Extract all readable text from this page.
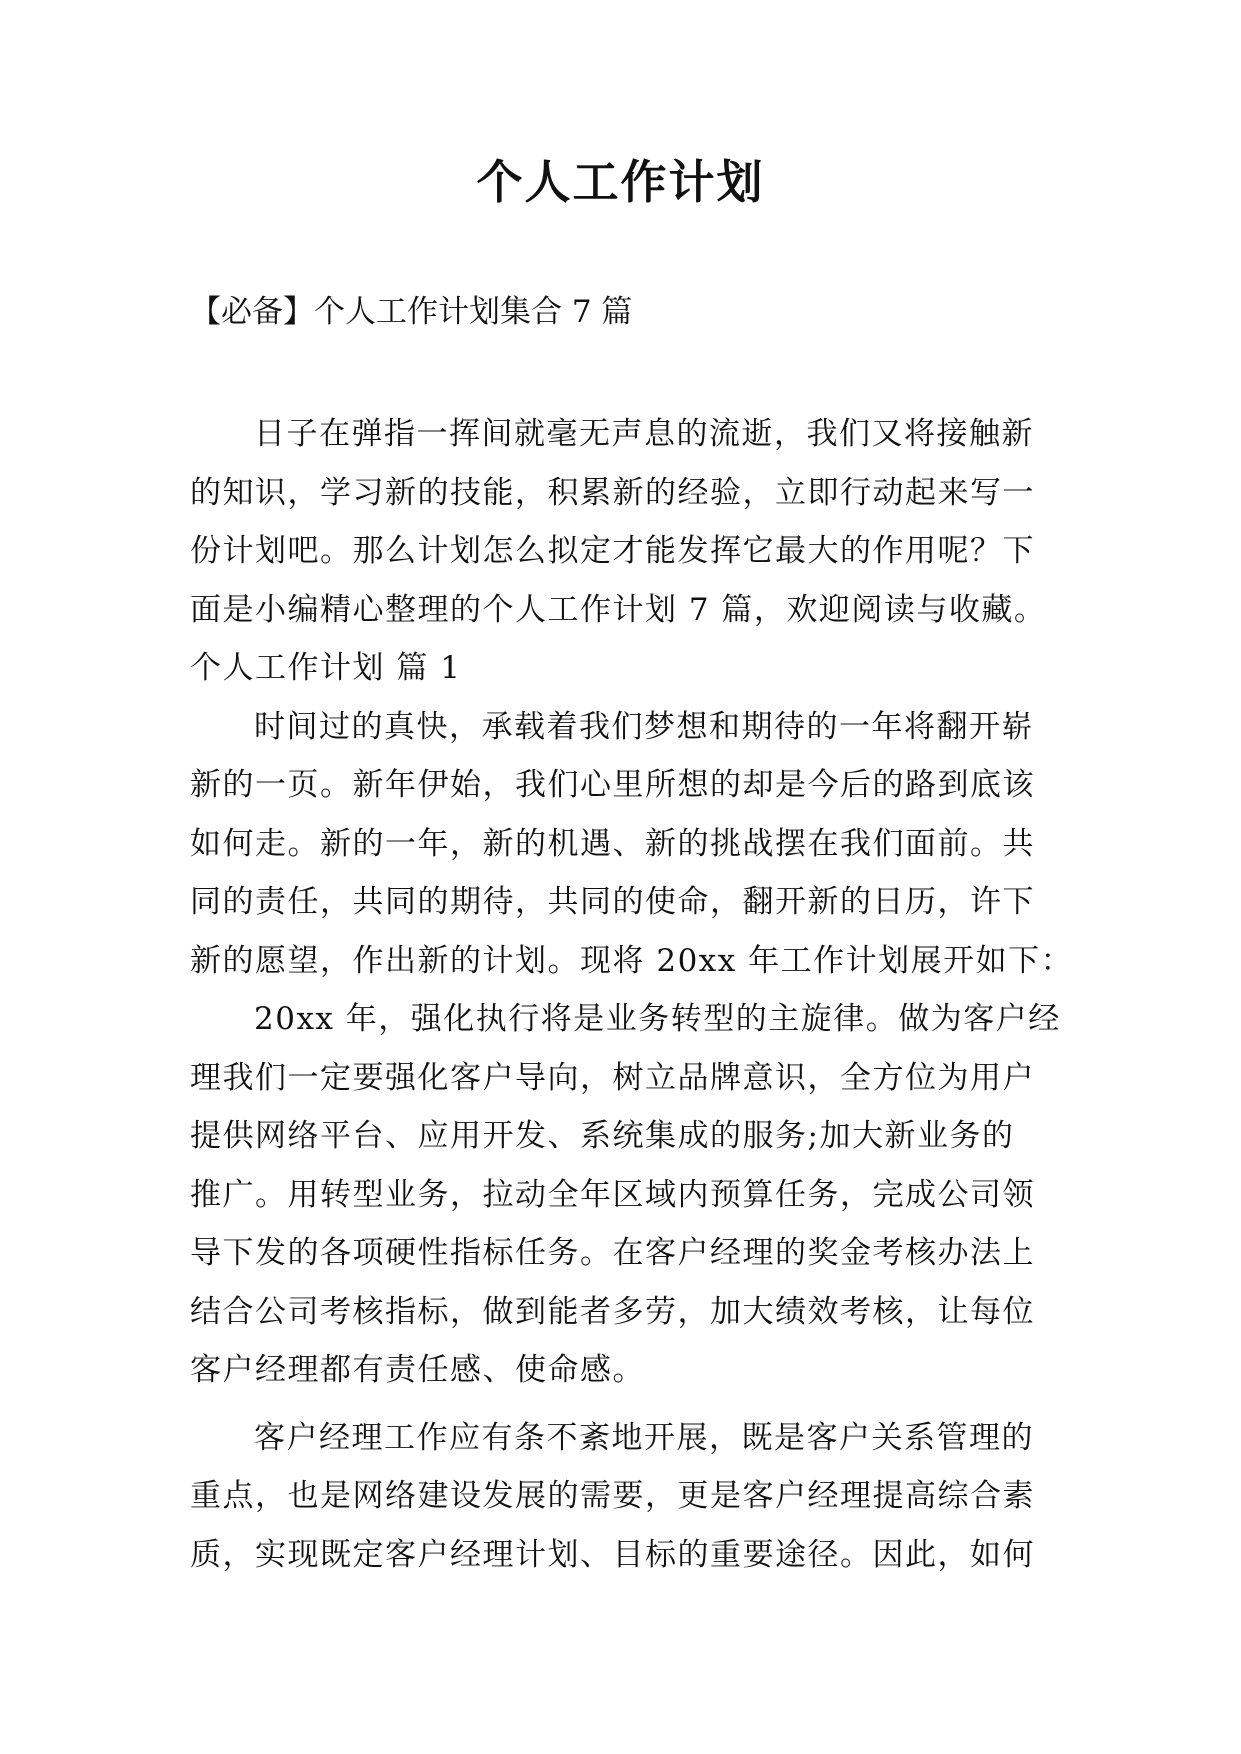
个人工作计划
【必备】个人工作计划集合 7 篇
日子在弹指一挥间就毫无声息的流逝，我们又将接触新
的知识，学习新的技能，积累新的经验，立即行动起来写一
份计划吧。那么计划怎么拟定才能发挥它最大的作用呢？下
面是小编精心整理的个人工作计划 7 篇，欢迎阅读与收藏。
个人工作计划 篇 1
时间过的真快，承载着我们梦想和期待的一年将翻开崭
新的一页。新年伊始，我们心里所想的却是今后的路到底该
如何走。新的一年，新的机遇、新的挑战摆在我们面前。共
同的责任，共同的期待，共同的使命，翻开新的日历，许下
新的愿望，作出新的计划。现将 20xx 年工作计划展开如下：
20xx 年，强化执行将是业务转型的主旋律。做为客户经
理我们一定要强化客户导向，树立品牌意识，全方位为用户
提供网络平台、应用开发、系统集成的服务;加大新业务的
推广。用转型业务，拉动全年区域内预算任务，完成公司领
导下发的各项硬性指标任务。在客户经理的奖金考核办法上
结合公司考核指标，做到能者多劳，加大绩效考核，让每位
客户经理都有责任感、使命感。
客户经理工作应有条不紊地开展，既是客户关系管理的
重点，也是网络建设发展的需要，更是客户经理提高综合素
质，实现既定客户经理计划、目标的重要途径。因此，如何
